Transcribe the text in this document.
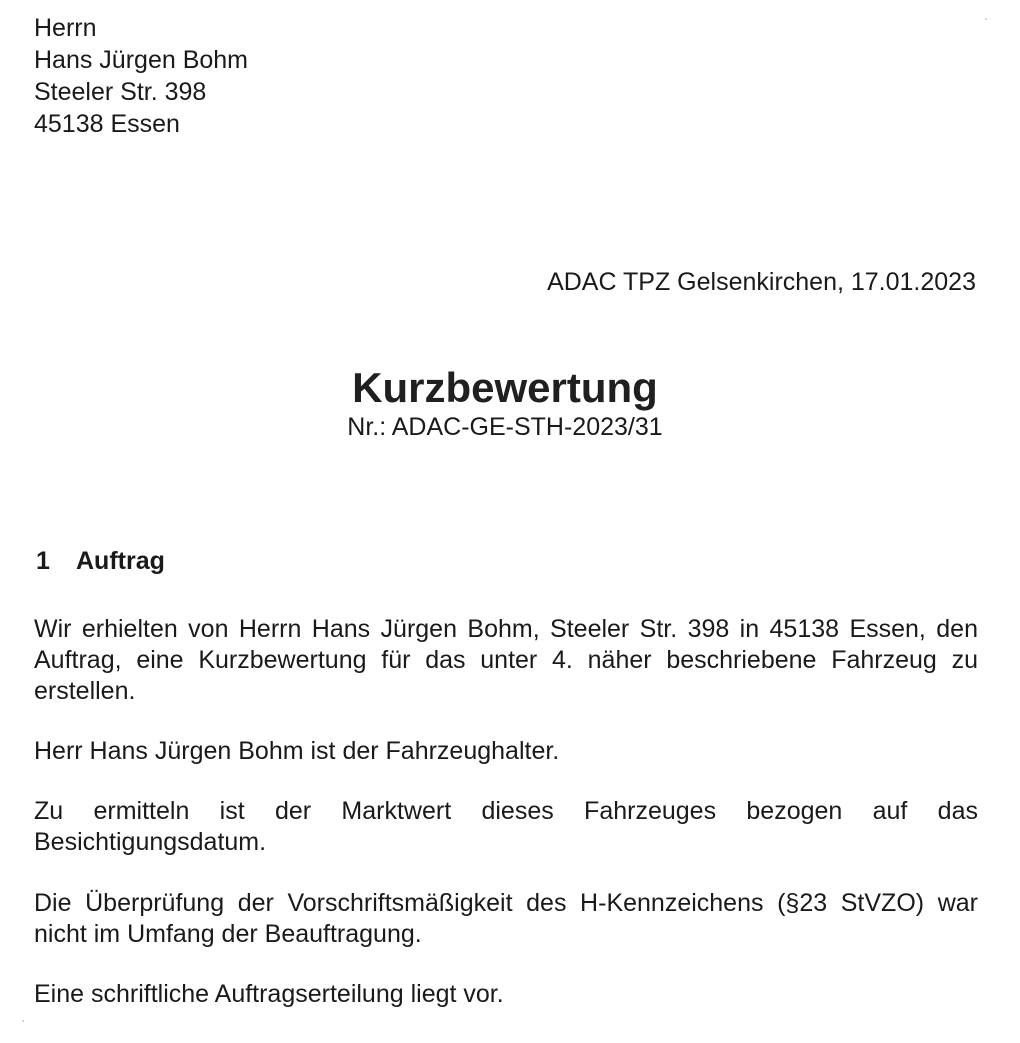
Herrn
Hans Jürgen Bohm
Steeler Str. 398
45138 Essen
ADAC TPZ Gelsenkirchen, 17.01.2023
Kurzbewertung
Nr.: ADAC-GE-STH-2023/31
1 Auftrag
Wir erhielten von Herrn Hans Jürgen Bohm, Steeler Str. 398 in 45138 Essen, den Auftrag, eine Kurzbewertung für das unter 4. näher beschriebene Fahrzeug zu erstellen.
Herr Hans Jürgen Bohm ist der Fahrzeughalter.
Zu ermitteln ist der Marktwert dieses Fahrzeuges bezogen auf das Besichtigungsdatum.
Die Überprüfung der Vorschriftsmäßigkeit des H-Kennzeichens (§23 StVZO) war nicht im Umfang der Beauftragung.
Eine schriftliche Auftragserteilung liegt vor.
